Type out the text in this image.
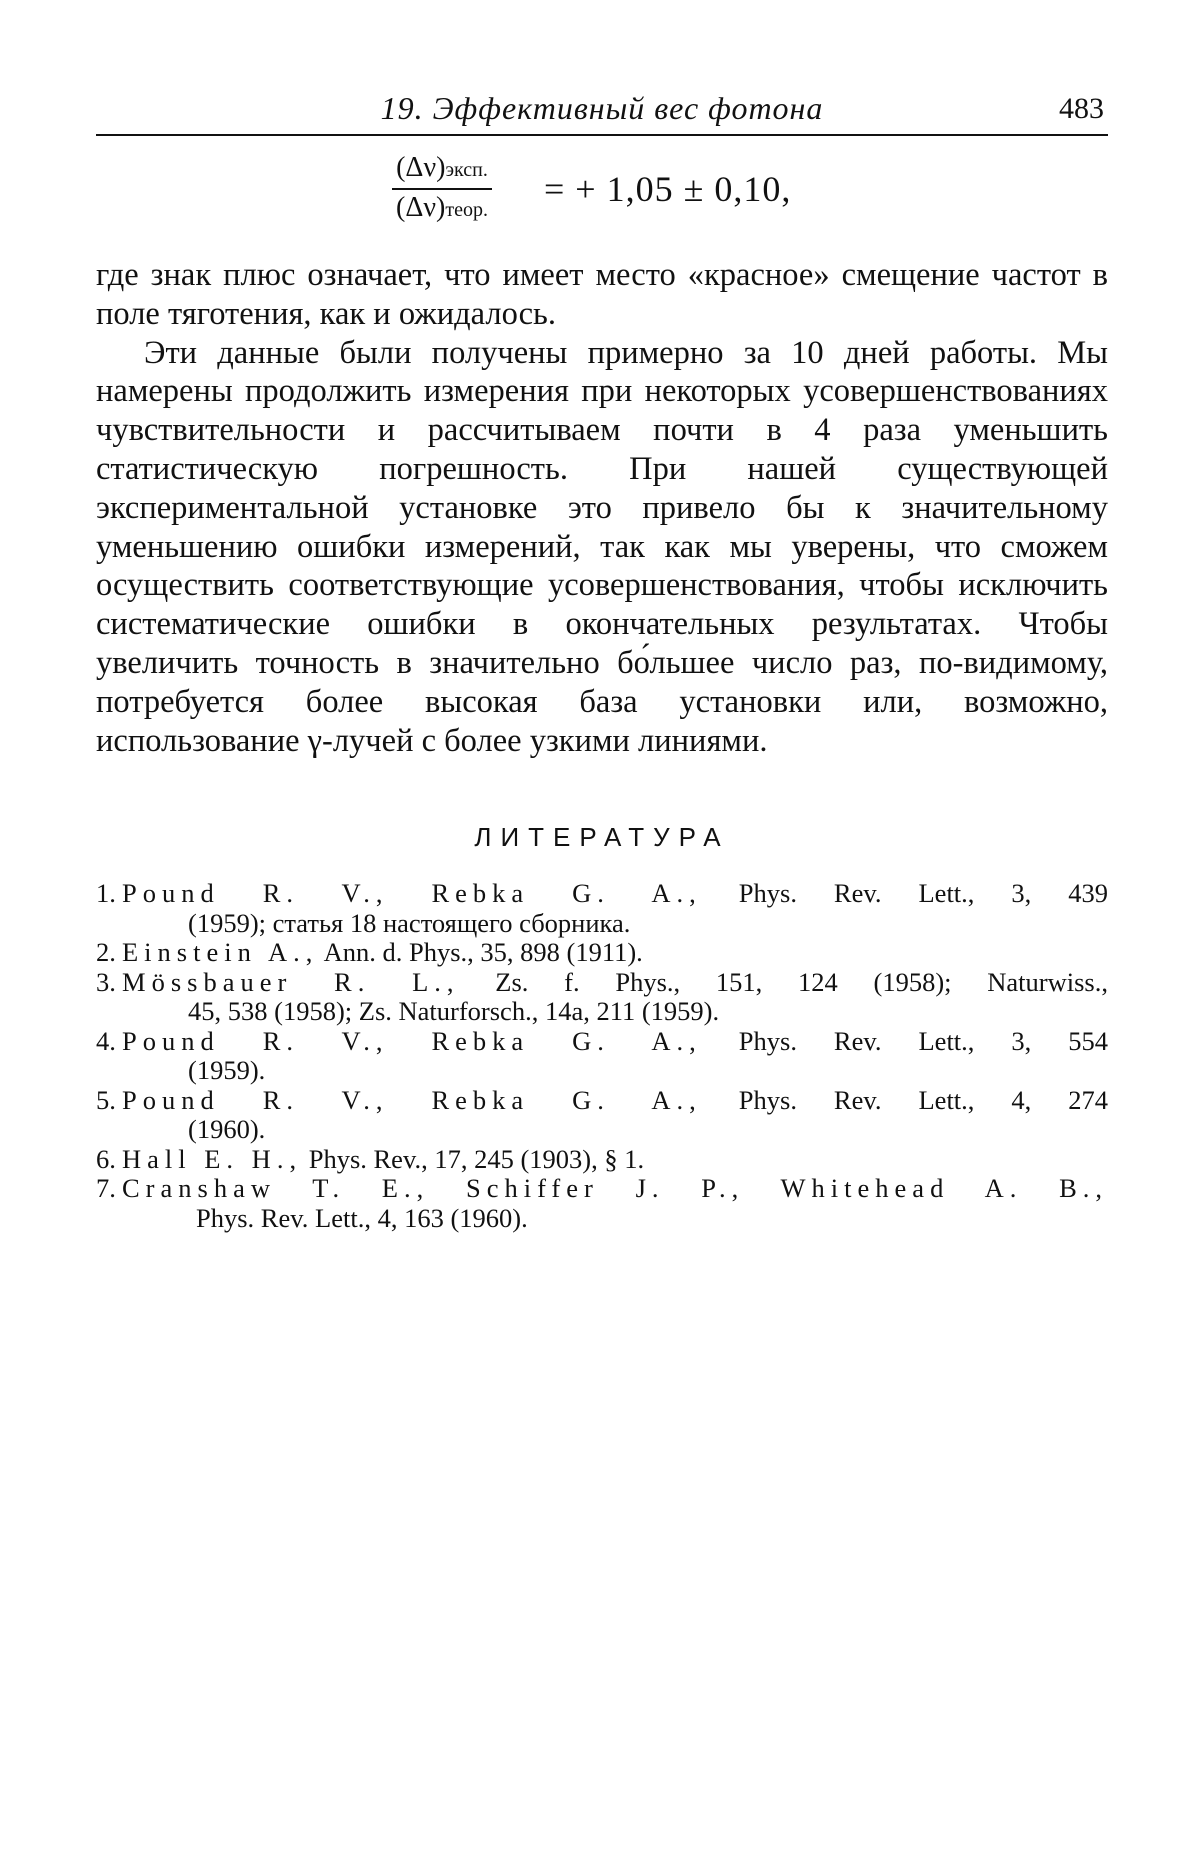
19. Эффективный вес фотона	483
(Δν)эксп.
(Δν)теор.
= + 1,05 ± 0,10,

где знак плюс означает, что имеет место «красное» смещение частот в поле тяготения, как и ожидалось.

Эти данные были получены примерно за 10 дней работы. Мы намерены продолжить измерения при некоторых усовершенствованиях чувствительности и рассчитываем почти в 4 раза уменьшить статистическую погрешность. При нашей существующей экспериментальной установке это привело бы к значительному уменьшению ошибки измерений, так как мы уверены, что сможем осуществить соответствующие усовершенствования, чтобы исключить систематические ошибки в окончательных результатах. Чтобы увеличить точность в значительно бо́льшее число раз, по-видимому, потребуется более высокая база установки или, возможно, использование γ-лучей с более узкими линиями.

ЛИТЕРАТУРА
1. Pound R. V., Rebka G. A., Phys. Rev. Lett., 3, 439
(1959); статья 18 настоящего сборника.
2. Einstein A., Ann. d. Phys., 35, 898 (1911).
3. Mössbauer R. L., Zs. f. Phys., 151, 124 (1958); Naturwiss.,
45, 538 (1958); Zs. Naturforsch., 14a, 211 (1959).
4. Pound R. V., Rebka G. A., Phys. Rev. Lett., 3, 554
(1959).
5. Pound R. V., Rebka G. A., Phys. Rev. Lett., 4, 274
(1960).
6. Hall E. H., Phys. Rev., 17, 245 (1903), § 1.
7. Cranshaw T. E., Schiffer J. P., Whitehead A. B.,
Phys. Rev. Lett., 4, 163 (1960).
